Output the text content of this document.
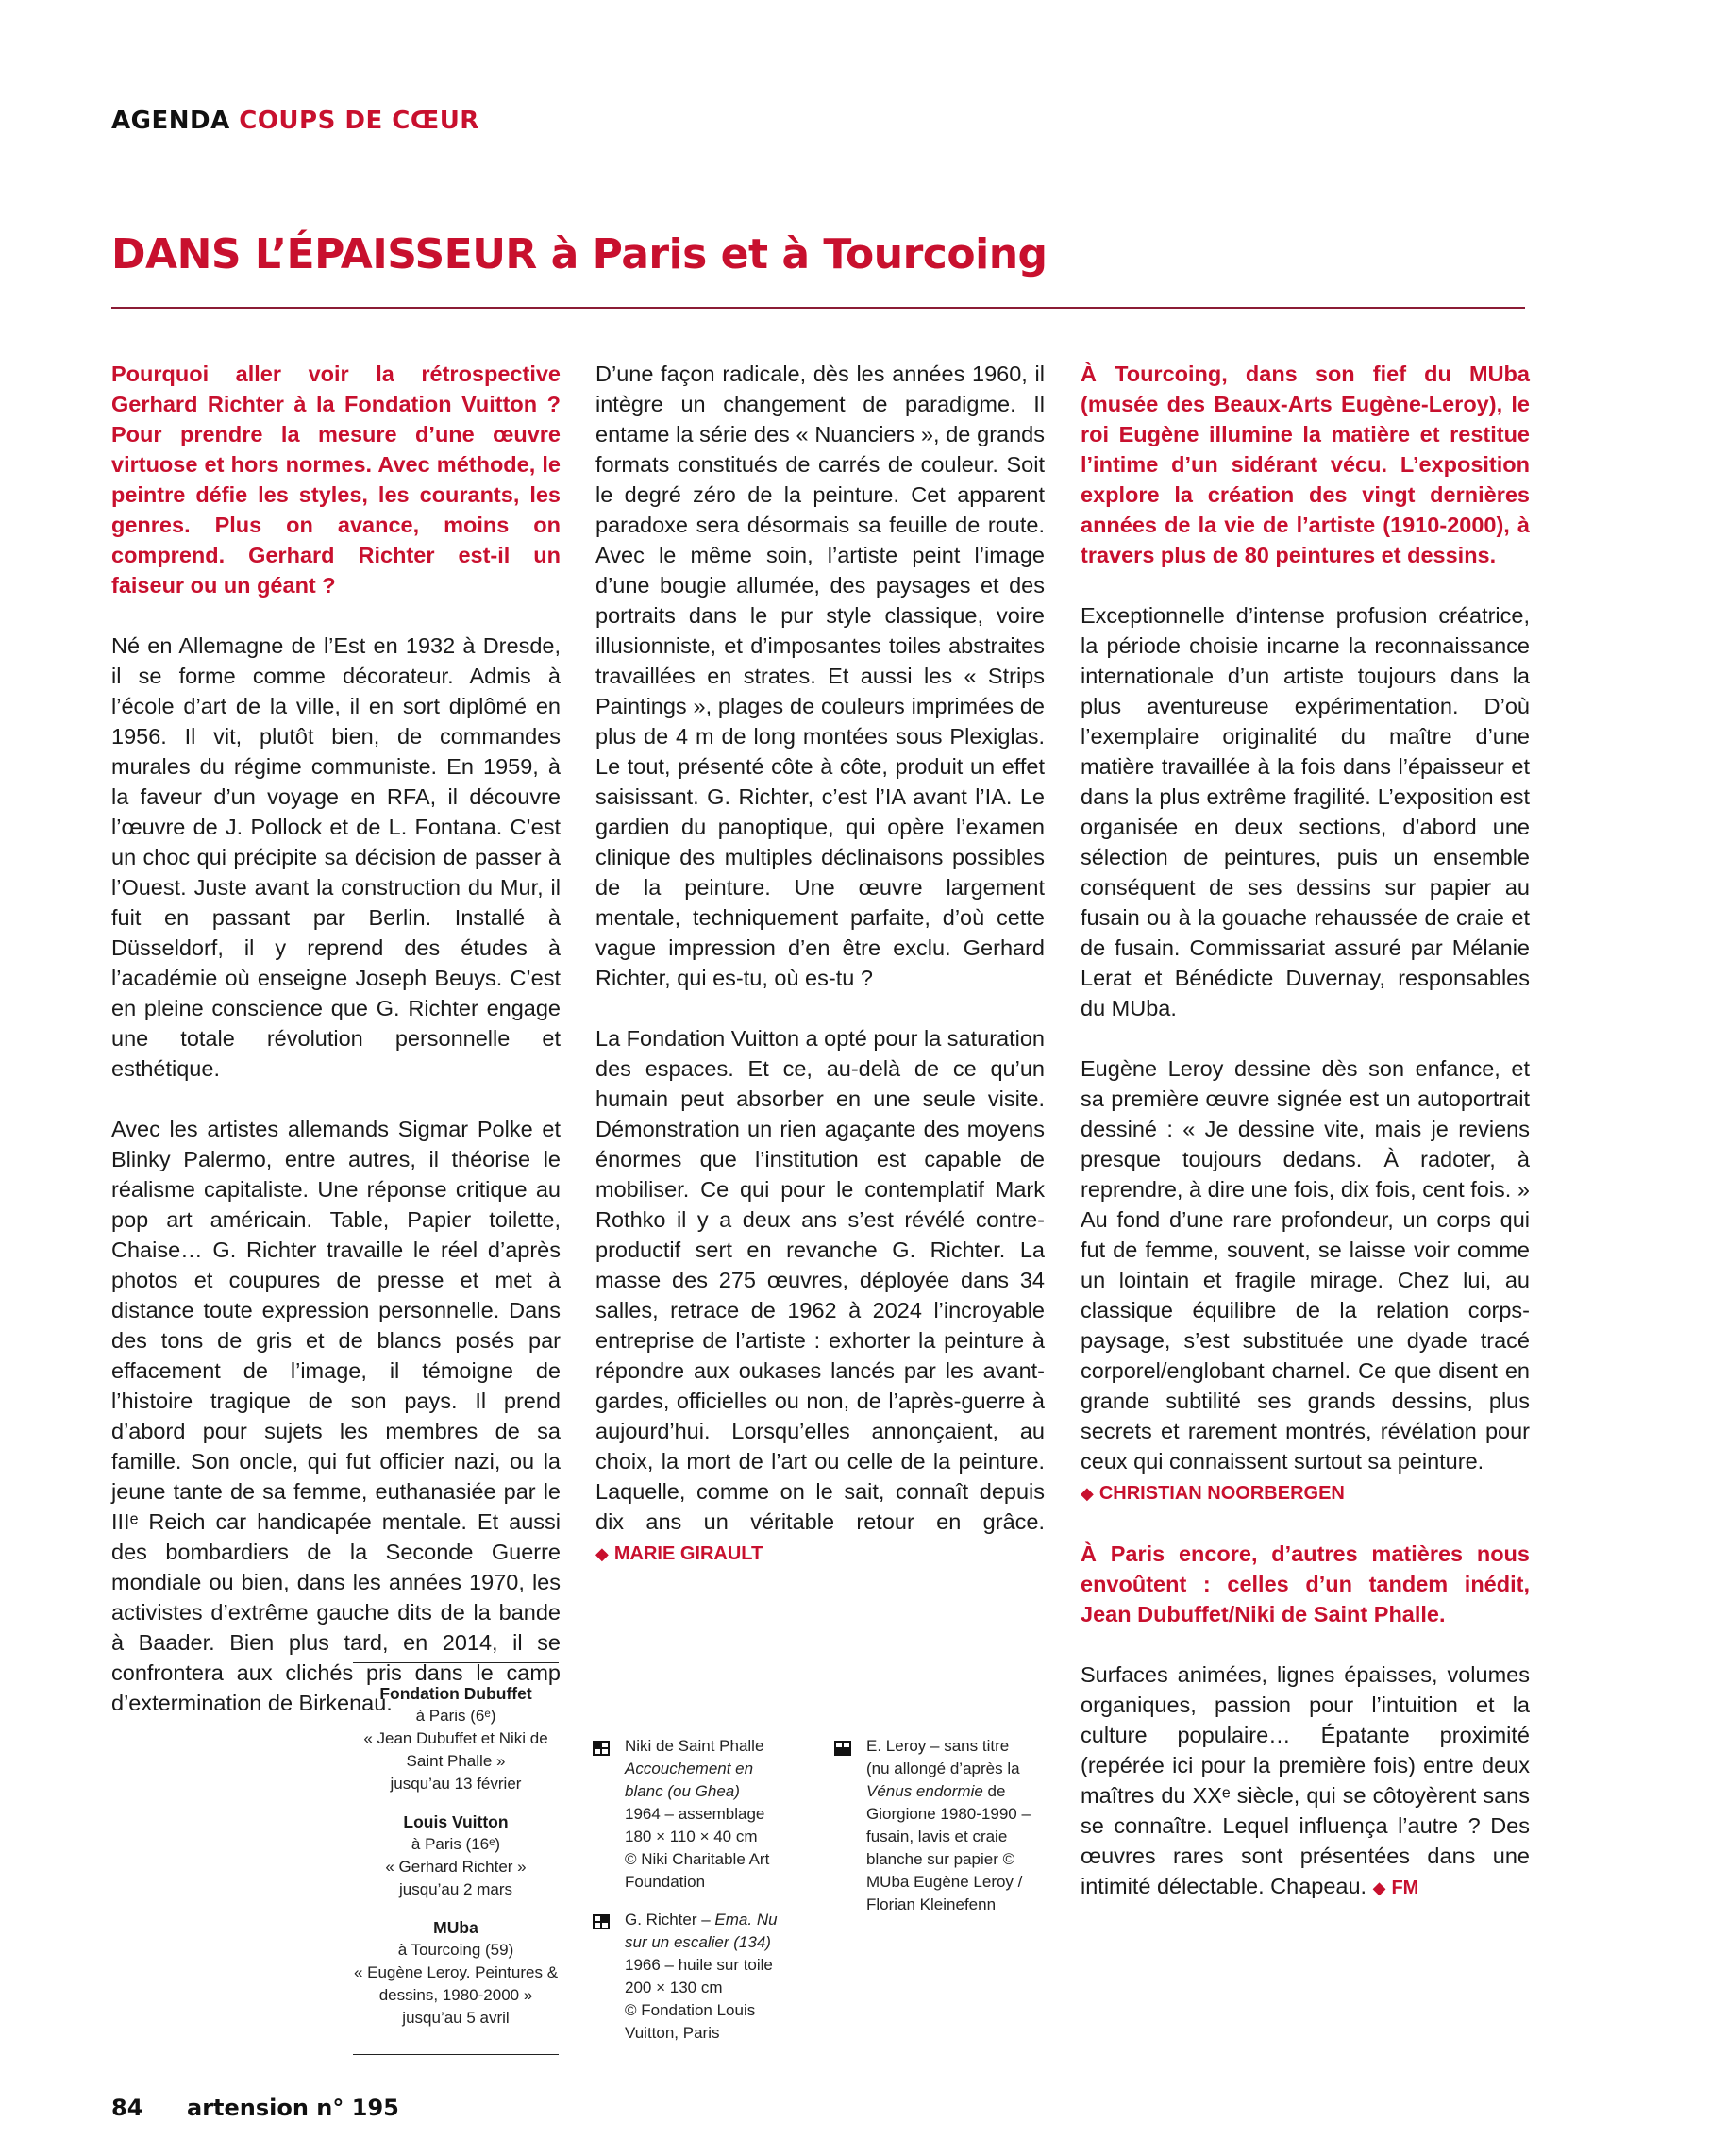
AGENDA COUPS DE CŒUR
DANS L’ÉPAISSEUR à Paris et à Tourcoing

Pourquoi aller voir la rétrospective Gerhard Richter à la Fondation Vuitton ? Pour prendre la mesure d’une œuvre virtuose et hors normes. Avec méthode, le peintre défie les styles, les courants, les genres. Plus on avance, moins on comprend. Gerhard Richter est-il un faiseur ou un géant ?

Né en Allemagne de l’Est en 1932 à Dresde, il se forme comme décorateur. Admis à l’école d’art de la ville, il en sort diplômé en 1956. Il vit, plutôt bien, de commandes murales du régime communiste. En 1959, à la faveur d’un voyage en RFA, il découvre l’œuvre de J. Pollock et de L. Fontana. C’est un choc qui précipite sa décision de passer à l’Ouest. Juste avant la construction du Mur, il fuit en passant par Berlin. Installé à Düsseldorf, il y reprend des études à l’académie où enseigne Joseph Beuys. C’est en pleine conscience que G. Richter engage une totale révolution personnelle et esthétique.

Avec les artistes allemands Sigmar Polke et Blinky Palermo, entre autres, il théorise le réalisme capitaliste. Une réponse critique au pop art américain. Table, Papier toilette, Chaise… G. Richter travaille le réel d’après photos et coupures de presse et met à distance toute expression personnelle. Dans des tons de gris et de blancs posés par effacement de l’image, il témoigne de l’histoire tragique de son pays. Il prend d’abord pour sujets les membres de sa famille. Son oncle, qui fut officier nazi, ou la jeune tante de sa femme, euthanasiée par le IIIᵉ Reich car handicapée mentale. Et aussi des bombardiers de la Seconde Guerre mondiale ou bien, dans les années 1970, les activistes d’extrême gauche dits de la bande à Baader. Bien plus tard, en 2014, il se confrontera aux clichés pris dans le camp d’extermination de Birkenau.

D’une façon radicale, dès les années 1960, il intègre un changement de paradigme. Il entame la série des « Nuanciers », de grands formats constitués de carrés de couleur. Soit le degré zéro de la peinture. Cet apparent paradoxe sera désormais sa feuille de route. Avec le même soin, l’artiste peint l’image d’une bougie allumée, des paysages et des portraits dans le pur style classique, voire illusionniste, et d’imposantes toiles abstraites travaillées en strates. Et aussi les « Strips Paintings », plages de couleurs imprimées de plus de 4 m de long montées sous Plexiglas. Le tout, présenté côte à côte, produit un effet saisissant. G. Richter, c’est l’IA avant l’IA. Le gardien du panoptique, qui opère l’examen clinique des multiples déclinaisons possibles de la peinture. Une œuvre largement mentale, techniquement parfaite, d’où cette vague impression d’en être exclu. Gerhard Richter, qui es-tu, où es-tu ?

La Fondation Vuitton a opté pour la saturation des espaces. Et ce, au-delà de ce qu’un humain peut absorber en une seule visite. Démonstration un rien agaçante des moyens énormes que l’institution est capable de mobiliser. Ce qui pour le contemplatif Mark Rothko il y a deux ans s’est révélé contre-productif sert en revanche G. Richter. La masse des 275 œuvres, déployée dans 34 salles, retrace de 1962 à 2024 l’incroyable entreprise de l’artiste : exhorter la peinture à répondre aux oukases lancés par les avant-gardes, officielles ou non, de l’après-guerre à aujourd’hui. Lorsqu’elles annonçaient, au choix, la mort de l’art ou celle de la peinture. Laquelle, comme on le sait, connaît depuis dix ans un véritable retour en grâce. ◆ MARIE GIRAULT

À Tourcoing, dans son fief du MUba (musée des Beaux-Arts Eugène-Leroy), le roi Eugène illumine la matière et restitue l’intime d’un sidérant vécu. L’exposition explore la création des vingt dernières années de la vie de l’artiste (1910-2000), à travers plus de 80 peintures et dessins.

Exceptionnelle d’intense profusion créatrice, la période choisie incarne la reconnaissance internationale d’un artiste toujours dans la plus aventureuse expérimentation. D’où l’exemplaire originalité du maître d’une matière travaillée à la fois dans l’épaisseur et dans la plus extrême fragilité. L’exposition est organisée en deux sections, d’abord une sélection de peintures, puis un ensemble conséquent de ses dessins sur papier au fusain ou à la gouache rehaussée de craie et de fusain. Commissariat assuré par Mélanie Lerat et Bénédicte Duvernay, responsables du MUba.

Eugène Leroy dessine dès son enfance, et sa première œuvre signée est un autoportrait dessiné : « Je dessine vite, mais je reviens presque toujours dedans. À radoter, à reprendre, à dire une fois, dix fois, cent fois. » Au fond d’une rare profondeur, un corps qui fut de femme, souvent, se laisse voir comme un lointain et fragile mirage. Chez lui, au classique équilibre de la relation corps-paysage, s’est substituée une dyade tracé corporel/englobant charnel. Ce que disent en grande subtilité ses grands dessins, plus secrets et rarement montrés, révélation pour ceux qui connaissent surtout sa peinture.

◆ CHRISTIAN NOORBERGEN

À Paris encore, d’autres matières nous envoûtent : celles d’un tandem inédit, Jean Dubuffet/Niki de Saint Phalle.

Surfaces animées, lignes épaisses, volumes organiques, passion pour l’intuition et la culture populaire… Épatante proximité (repérée ici pour la première fois) entre deux maîtres du XXᵉ siècle, qui se côtoyèrent sans se connaître. Lequel influença l’autre ? Des œuvres rares sont présentées dans une intimité délectable. Chapeau. ◆ FM

Fondation Dubuffet
à Paris (6ᵉ)
« Jean Dubuffet et Niki de Saint Phalle »
jusqu’au 13 février
Louis Vuitton
à Paris (16ᵉ)
« Gerhard Richter »
jusqu’au 2 mars
MUba
à Tourcoing (59)
« Eugène Leroy. Peintures & dessins, 1980-2000 »
jusqu’au 5 avril
Niki de Saint Phalle
Accouchement en blanc (ou Ghea)
1964 – assemblage
180 × 110 × 40 cm
© Niki Charitable Art Foundation
G. Richter – Ema. Nu sur un escalier (134)
1966 – huile sur toile
200 × 130 cm
© Fondation Louis Vuitton, Paris
E. Leroy – sans titre (nu allongé d’après la Vénus endormie de Giorgione 1980-1990 – fusain, lavis et craie blanche sur papier © MUba Eugène Leroy / Florian Kleinefenn
84 artension n° 195
